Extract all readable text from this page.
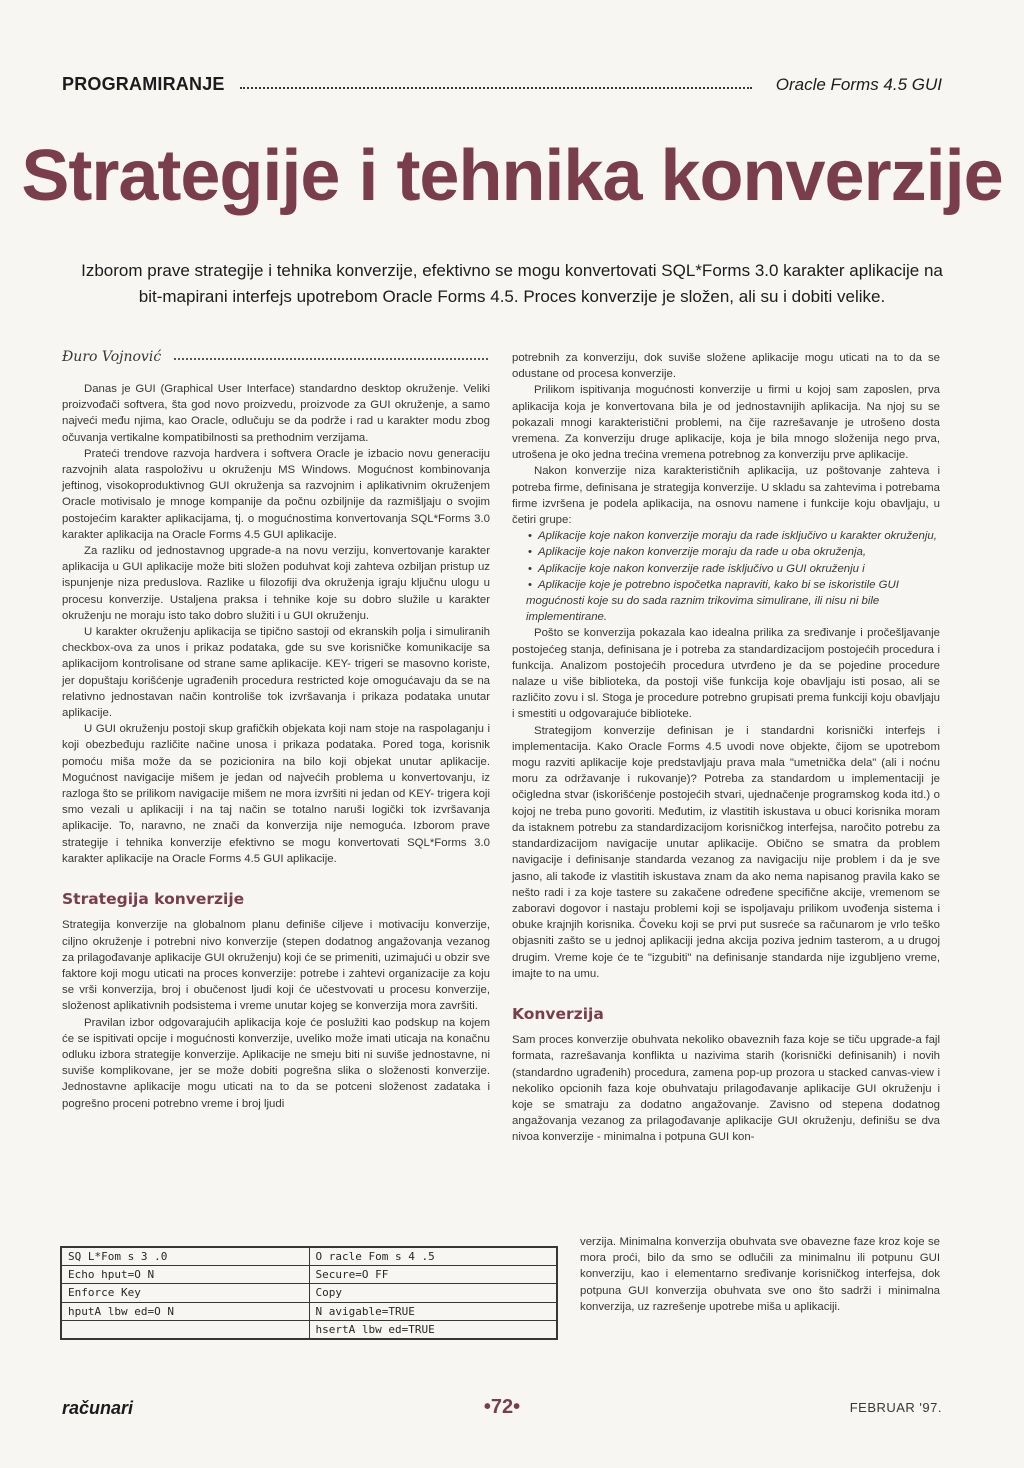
PROGRAMIRANJE	Oracle Forms 4.5 GUI
Strategije i tehnika konverzije
Izborom prave strategije i tehnika konverzije, efektivno se mogu konvertovati SQL*Forms 3.0 karakter aplikacije na bit-mapirani interfejs upotrebom Oracle Forms 4.5. Proces konverzije je složen, ali su i dobiti velike.
Đuro Vojnović

Danas je GUI (Graphical User Interface) standardno desktop okruženje. Veliki proizvođači softvera, šta god novo proizvedu, proizvode za GUI okruženje, a samo najveći među njima, kao Oracle, odlučuju se da podrže i rad u karakter modu zbog očuvanja vertikalne kompatibilnosti sa prethodnim verzijama.

Prateći trendove razvoja hardvera i softvera Oracle je izbacio novu generaciju razvojnih alata raspoloživu u okruženju MS Windows. Mogućnost kombinovanja jeftinog, visokoproduktivnog GUI okruženja sa razvojnim i aplikativnim okruženjem Oracle motivisalo je mnoge kompanije da počnu ozbiljnije da razmišljaju o svojim postojećim karakter aplikacijama, tj. o mogućnostima konvertovanja SQL*Forms 3.0 karakter aplikacija na Oracle Forms 4.5 GUI aplikacije.

Za razliku od jednostavnog upgrade-a na novu verziju, konvertovanje karakter aplikacija u GUI aplikacije može biti složen poduhvat koji zahteva ozbiljan pristup uz ispunjenje niza preduslova. Razlike u filozofiji dva okruženja igraju ključnu ulogu u procesu konverzije. Ustaljena praksa i tehnike koje su dobro služile u karakter okruženju ne moraju isto tako dobro služiti i u GUI okruženju.

U karakter okruženju aplikacija se tipično sastoji od ekranskih polja i simuliranih checkbox-ova za unos i prikaz podataka, gde su sve korisničke komunikacije sa aplikacijom kontrolisane od strane same aplikacije. KEY- trigeri se masovno koriste, jer dopuštaju korišćenje ugrađenih procedura restricted koje omogućavaju da se na relativno jednostavan način kontroliše tok izvršavanja i prikaza podataka unutar aplikacije.

U GUI okruženju postoji skup grafičkih objekata koji nam stoje na raspolaganju i koji obezbeđuju različite načine unosa i prikaza podataka. Pored toga, korisnik pomoću miša može da se pozicionira na bilo koji objekat unutar aplikacije. Mogućnost navigacije mišem je jedan od najvećih problema u konvertovanju, iz razloga što se prilikom navigacije mišem ne mora izvršiti ni jedan od KEY- trigera koji smo vezali u aplikaciji i na taj način se totalno naruši logički tok izvršavanja aplikacije. To, naravno, ne znači da konverzija nije nemoguća. Izborom prave strategije i tehnika konverzije efektivno se mogu konvertovati SQL*Forms 3.0 karakter aplikacije na Oracle Forms 4.5 GUI aplikacije.

Strategija konverzije

Strategija konverzije na globalnom planu definiše ciljeve i motivaciju konverzije, ciljno okruženje i potrebni nivo konverzije (stepen dodatnog angažovanja vezanog za prilagođavanje aplikacije GUI okruženju) koji će se primeniti, uzimajući u obzir sve faktore koji mogu uticati na proces konverzije: potrebe i zahtevi organizacije za koju se vrši konverzija, broj i obučenost ljudi koji će učestvovati u procesu konverzije, složenost aplikativnih podsistema i vreme unutar kojeg se konverzija mora završiti.

Pravilan izbor odgovarajućih aplikacija koje će poslužiti kao podskup na kojem će se ispitivati opcije i mogućnosti konverzije, uveliko može imati uticaja na konačnu odluku izbora strategije konverzije. Aplikacije ne smeju biti ni suviše jednostavne, ni suviše komplikovane, jer se može dobiti pogrešna slika o složenosti konverzije. Jednostavne aplikacije mogu uticati na to da se potceni složenost zadataka i pogrešno proceni potrebno vreme i broj ljudi

SQ L*Fom s 3 .0	O racle Fom s 4 .5
Echo hput=O N	Secure=O FF
Enforce Key	Copy
hputA lbw ed=O N	N avigable=TRUE
	hsertA lbw ed=TRUE

potrebnih za konverziju, dok suviše složene aplikacije mogu uticati na to da se odustane od procesa konverzije.

Prilikom ispitivanja mogućnosti konverzije u firmi u kojoj sam zaposlen, prva aplikacija koja je konvertovana bila je od jednostavnijih aplikacija. Na njoj su se pokazali mnogi karakteristični problemi, na čije razrešavanje je utrošeno dosta vremena. Za konverziju druge aplikacije, koja je bila mnogo složenija nego prva, utrošena je oko jedna trećina vremena potrebnog za konverziju prve aplikacije.

Nakon konverzije niza karakterističnih aplikacija, uz poštovanje zahteva i potreba firme, definisana je strategija konverzije. U skladu sa zahtevima i potrebama firme izvršena je podela aplikacija, na osnovu namene i funkcije koju obavljaju, u četiri grupe:

• Aplikacije koje nakon konverzije moraju da rade isključivo u karakter okruženju,
• Aplikacije koje nakon konverzije moraju da rade u oba okruženja,
• Aplikacije koje nakon konverzije rade isključivo u GUI okruženju i
• Aplikacije koje je potrebno ispočetka napraviti, kako bi se iskoristile GUI mogućnosti koje su do sada raznim trikovima simulirane, ili nisu ni bile implementirane.

Pošto se konverzija pokazala kao idealna prilika za sređivanje i pročešljavanje postojećeg stanja, definisana je i potreba za standardizacijom postojećih procedura i funkcija. Analizom postojećih procedura utvrđeno je da se pojedine procedure nalaze u više biblioteka, da postoji više funkcija koje obavljaju isti posao, ali se različito zovu i sl. Stoga je procedure potrebno grupisati prema funkciji koju obavljaju i smestiti u odgovarajuće biblioteke.

Strategijom konverzije definisan je i standardni korisnički interfejs i implementacija. Kako Oracle Forms 4.5 uvodi nove objekte, čijom se upotrebom mogu razviti aplikacije koje predstavljaju prava mala "umetnička dela" (ali i noćnu moru za održavanje i rukovanje)? Potreba za standardom u implementaciji je očigledna stvar (iskorišćenje postojećih stvari, ujednačenje programskog koda itd.) o kojoj ne treba puno govoriti. Međutim, iz vlastitih iskustava u obuci korisnika moram da istaknem potrebu za standardizacijom korisničkog interfejsa, naročito potrebu za standardizacijom navigacije unutar aplikacije. Obično se smatra da problem navigacije i definisanje standarda vezanog za navigaciju nije problem i da je sve jasno, ali takođe iz vlastitih iskustava znam da ako nema napisanog pravila kako se nešto radi i za koje tastere su zakačene određene specifične akcije, vremenom se zaboravi dogovor i nastaju problemi koji se ispoljavaju prilikom uvođenja sistema i obuke krajnjih korisnika. Čoveku koji se prvi put susreće sa računarom je vrlo teško objasniti zašto se u jednoj aplikaciji jedna akcija poziva jednim tasterom, a u drugoj drugim. Vreme koje će te "izgubiti" na definisanje standarda nije izgubljeno vreme, imajte to na umu.

Konverzija

Sam proces konverzije obuhvata nekoliko obaveznih faza koje se tiču upgrade-a fajl formata, razrešavanja konflikta u nazivima starih (korisnički definisanih) i novih (standardno ugrađenih) procedura, zamena pop-up prozora u stacked canvas-view i nekoliko opcionih faza koje obuhvataju prilagođavanje aplikacije GUI okruženju i koje se smatraju za dodatno angažovanje. Zavisno od stepena dodatnog angažovanja vezanog za prilagođavanje aplikacije GUI okruženju, definišu se dva nivoa konverzije - minimalna i potpuna GUI kon-

verzija. Minimalna konverzija obuhvata sve obavezne faze kroz koje se mora proći, bilo da smo se odlučili za minimalnu ili potpunu GUI konverziju, kao i elementarno sređivanje korisničkog interfejsa, dok potpuna GUI konverzija obuhvata sve ono što sadrži i minimalna konverzija, uz razrešenje upotrebe miša u aplikaciji.
računari	•72•	FEBRUAR '97.
